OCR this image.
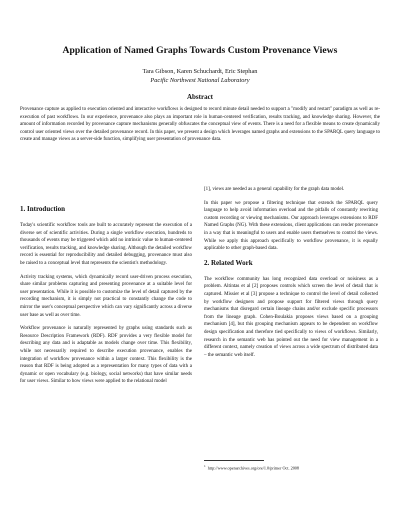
Application of Named Graphs Towards Custom Provenance Views
Tara Gibson, Karen Schuchardt, Eric Stephan
Pacific Northwest National Laboratory
Abstract
Provenance capture as applied to execution oriented and interactive workflows is designed to record minute detail needed to support a "modify and restart" paradigm as well as re-execution of past workflows. In our experience, provenance also plays an important role in human-centered verification, results tracking, and knowledge sharing. However, the amount of information recorded by provenance capture mechanisms generally obfuscates the conceptual view of events. There is a need for a flexible means to create dynamically control user oriented views over the detailed provenance record. In this paper, we present a design which leverages named graphs and extensions to the SPARQL query language to create and manage views as a server-side function, simplifying user presentation of provenance data.
1. Introduction

Today's scientific workflow tools are built to accurately represent the execution of a diverse set of scientific activities. During a single workflow execution, hundreds to thousands of events may be triggered which add no intrinsic value to human-centered verification, results tracking, and knowledge sharing. Although the detailed workflow record is essential for reproducibility and detailed debugging, provenance must also be raised to a conceptual level that represents the scientist's methodology.

Activity tracking systems, which dynamically record user-driven process execution, share similar problems capturing and presenting provenance at a suitable level for user presentation. While it is possible to customize the level of detail captured by the recording mechanism, it is simply not practical to constantly change the code to mirror the user's conceptual perspective which can vary significantly across a diverse user base as well as over time.

Workflow provenance is naturally represented by graphs using standards such as Resource Description Framework (RDF). RDF provides a very flexible model for describing any data and is adaptable as models change over time. This flexibility, while not necessarily required to describe execution provenance, enables the integration of workflow provenance within a larger context. This flexibility is the reason that RDF is being adopted as a representation for many types of data with a dynamic or open vocabulary (e.g. biology, social networks) that have similar needs for user views. Similar to how views were applied to the relational model

[1], views are needed as a general capability for the graph data model.

In this paper we propose a filtering technique that extends the SPARQL query language to help avoid information overload and the pitfalls of constantly rewriting custom recording or viewing mechanisms. Our approach leverages extensions to RDF Named Graphs (NG). With these extensions, client applications can render provenance in a way that is meaningful to users and enable users themselves to control the views. While we apply this approach specifically to workflow provenance, it is equally applicable to other graph-based data.

2. Related Work

The workflow community has long recognized data overload or noisiness as a problem. Altintas et al [2] proposes controls which screen the level of detail that is captured. Missier et al [3] propose a technique to control the level of detail collected by workflow designers and propose support for filtered views through query mechanisms that disregard certain lineage chains and/or exclude specific processors from the lineage graph. Cohen-Boulakia proposes views based on a grouping mechanism [4], but this grouping mechanism appears to be dependent on workflow design specification and therefore tied specifically to views of workflows. Similarly, research in the semantic web has pointed out the need for view management in a different context, namely creation of views across a wide spectrum of distributed data – the semantic web itself.

$^1$ http://www.openarchives.org/ore/1.0/primer Oct. 2008
